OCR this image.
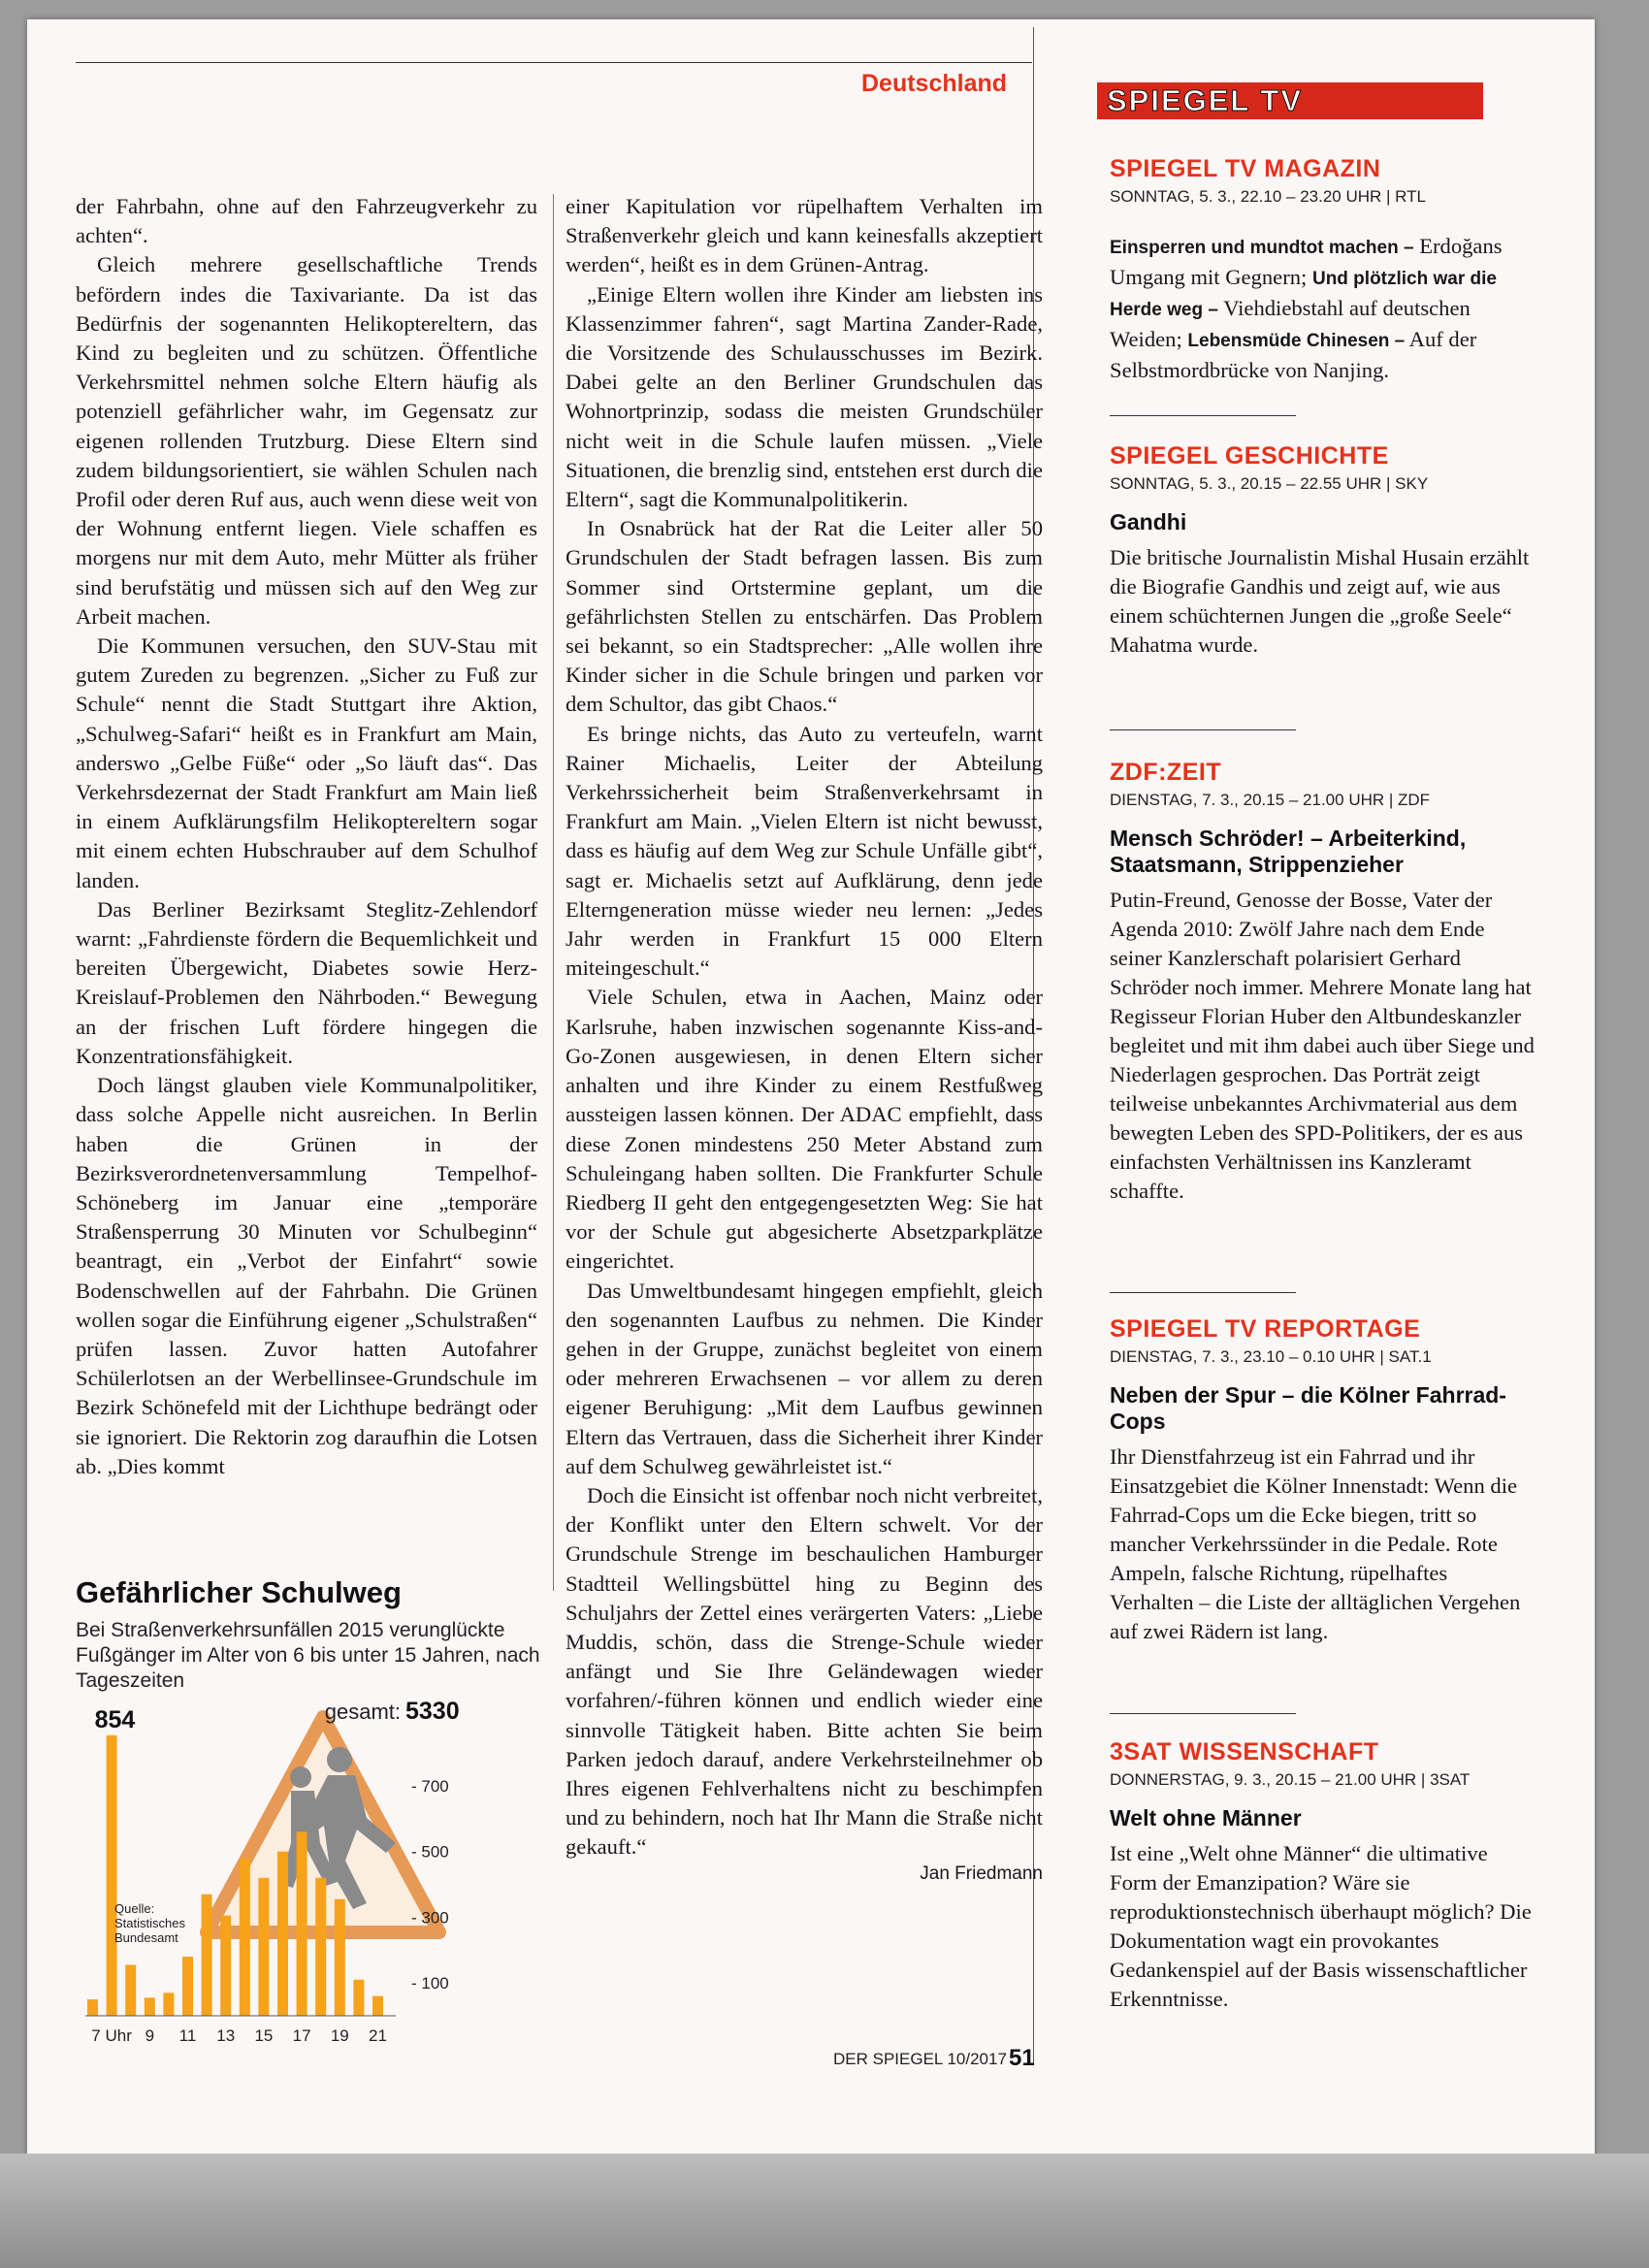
Deutschland

der Fahrbahn, ohne auf den Fahrzeugverkehr zu achten“.

Gleich mehrere gesellschaftliche Trends befördern indes die Taxivariante. Da ist das Bedürfnis der sogenannten Helikoptereltern, das Kind zu begleiten und zu schützen. Öffentliche Verkehrsmittel nehmen solche Eltern häufig als potenziell gefährlicher wahr, im Gegensatz zur eigenen rollenden Trutzburg. Diese Eltern sind zudem bildungsorientiert, sie wählen Schulen nach Profil oder deren Ruf aus, auch wenn diese weit von der Wohnung entfernt liegen. Viele schaffen es morgens nur mit dem Auto, mehr Mütter als früher sind berufstätig und müssen sich auf den Weg zur Arbeit machen.

Die Kommunen versuchen, den SUV-Stau mit gutem Zureden zu begrenzen. „Sicher zu Fuß zur Schule“ nennt die Stadt Stuttgart ihre Aktion, „Schulweg-Safari“ heißt es in Frankfurt am Main, anderswo „Gelbe Füße“ oder „So läuft das“. Das Verkehrsdezernat der Stadt Frankfurt am Main ließ in einem Aufklärungsfilm Helikoptereltern sogar mit einem echten Hubschrauber auf dem Schulhof landen.

Das Berliner Bezirksamt Steglitz-Zehlendorf warnt: „Fahrdienste fördern die Bequemlichkeit und bereiten Übergewicht, Diabetes sowie Herz-Kreislauf-Problemen den Nährboden.“ Bewegung an der frischen Luft fördere hingegen die Konzentrationsfähigkeit.

Doch längst glauben viele Kommunalpolitiker, dass solche Appelle nicht ausreichen. In Berlin haben die Grünen in der Bezirksverordnetenversammlung Tempelhof-Schöneberg im Januar eine „temporäre Straßensperrung 30 Minuten vor Schulbeginn“ beantragt, ein „Verbot der Einfahrt“ sowie Bodenschwellen auf der Fahrbahn. Die Grünen wollen sogar die Einführung eigener „Schulstraßen“ prüfen lassen. Zuvor hatten Autofahrer Schülerlotsen an der Werbellinsee-Grundschule im Bezirk Schönefeld mit der Lichthupe bedrängt oder sie ignoriert. Die Rektorin zog daraufhin die Lotsen ab. „Dies kommt

einer Kapitulation vor rüpelhaftem Verhalten im Straßenverkehr gleich und kann keinesfalls akzeptiert werden“, heißt es in dem Grünen-Antrag.

„Einige Eltern wollen ihre Kinder am liebsten ins Klassenzimmer fahren“, sagt Martina Zander-Rade, die Vorsitzende des Schulausschusses im Bezirk. Dabei gelte an den Berliner Grundschulen das Wohnortprinzip, sodass die meisten Grundschüler nicht weit in die Schule laufen müssen. „Viele Situationen, die brenzlig sind, entstehen erst durch die Eltern“, sagt die Kommunalpolitikerin.

In Osnabrück hat der Rat die Leiter aller 50 Grundschulen der Stadt befragen lassen. Bis zum Sommer sind Ortstermine geplant, um die gefährlichsten Stellen zu entschärfen. Das Problem sei bekannt, so ein Stadtsprecher: „Alle wollen ihre Kinder sicher in die Schule bringen und parken vor dem Schultor, das gibt Chaos.“

Es bringe nichts, das Auto zu verteufeln, warnt Rainer Michaelis, Leiter der Abteilung Verkehrssicherheit beim Straßenverkehrsamt in Frankfurt am Main. „Vielen Eltern ist nicht bewusst, dass es häufig auf dem Weg zur Schule Unfälle gibt“, sagt er. Michaelis setzt auf Aufklärung, denn jede Elterngeneration müsse wieder neu lernen: „Jedes Jahr werden in Frankfurt 15 000 Eltern miteingeschult.“

Viele Schulen, etwa in Aachen, Mainz oder Karlsruhe, haben inzwischen sogenannte Kiss-and-Go-Zonen ausgewiesen, in denen Eltern sicher anhalten und ihre Kinder zu einem Restfußweg aussteigen lassen können. Der ADAC empfiehlt, dass diese Zonen mindestens 250 Meter Abstand zum Schuleingang haben sollten. Die Frankfurter Schule Riedberg II geht den entgegengesetzten Weg: Sie hat vor der Schule gut abgesicherte Absetzparkplätze eingerichtet.

Das Umweltbundesamt hingegen empfiehlt, gleich den sogenannten Laufbus zu nehmen. Die Kinder gehen in der Gruppe, zunächst begleitet von einem oder mehreren Erwachsenen – vor allem zu deren eigener Beruhigung: „Mit dem Laufbus gewinnen Eltern das Vertrauen, dass die Sicherheit ihrer Kinder auf dem Schulweg gewährleistet ist.“

Doch die Einsicht ist offenbar noch nicht verbreitet, der Konflikt unter den Eltern schwelt. Vor der Grundschule Strenge im beschaulichen Hamburger Stadtteil Wellingsbüttel hing zu Beginn des Schuljahrs der Zettel eines verärgerten Vaters: „Liebe Muddis, schön, dass die Strenge-Schule wieder anfängt und Sie Ihre Geländewagen wieder vorfahren/-führen können und endlich wieder eine sinnvolle Tätigkeit haben. Bitte achten Sie beim Parken jedoch darauf, andere Verkehrsteilnehmer ob Ihres eigenen Fehlverhaltens nicht zu beschimpfen und zu behindern, noch hat Ihr Mann die Straße nicht gekauft.“

Jan Friedmann

Gefährlicher Schulweg
Bei Straßenverkehrsunfällen 2015 verunglückte Fußgänger im Alter von 6 bis unter 15 Jahren, nach Tageszeiten
854	gesamt: 5330
- 700
- 500
- 300
- 100
7 Uhr 9 11 13 15 17 19 21
Quelle: Statistisches Bundesamt
DER SPIEGEL 10/2017 51
SPIEGEL TV

SPIEGEL TV MAGAZIN

SONNTAG, 5. 3., 22.10 – 23.20 UHR | RTL

Einsperren und mundtot machen – Erdoğans Umgang mit Gegnern; Und plötzlich war die Herde weg – Viehdiebstahl auf deutschen Weiden; Lebensmüde Chinesen – Auf der Selbstmordbrücke von Nanjing.

SPIEGEL GESCHICHTE

SONNTAG, 5. 3., 20.15 – 22.55 UHR | SKY

Gandhi

Die britische Journalistin Mishal Husain erzählt die Biografie Gandhis und zeigt auf, wie aus einem schüchternen Jungen die „große Seele“ Mahatma wurde.

ZDF:ZEIT

DIENSTAG, 7. 3., 20.15 – 21.00 UHR | ZDF

Mensch Schröder! – Arbeiterkind, Staatsmann, Strippenzieher

Putin-Freund, Genosse der Bosse, Vater der Agenda 2010: Zwölf Jahre nach dem Ende seiner Kanzlerschaft polarisiert Gerhard Schröder noch immer. Mehrere Monate lang hat Regisseur Florian Huber den Altbundeskanzler begleitet und mit ihm dabei auch über Siege und Niederlagen gesprochen. Das Porträt zeigt teilweise unbekanntes Archivmaterial aus dem bewegten Leben des SPD-Politikers, der es aus einfachsten Verhältnissen ins Kanzleramt schaffte.

SPIEGEL TV REPORTAGE

DIENSTAG, 7. 3., 23.10 – 0.10 UHR | SAT.1

Neben der Spur – die Kölner Fahrrad-Cops

Ihr Dienstfahrzeug ist ein Fahrrad und ihr Einsatzgebiet die Kölner Innenstadt: Wenn die Fahrrad-Cops um die Ecke biegen, tritt so mancher Verkehrssünder in die Pedale. Rote Ampeln, falsche Richtung, rüpelhaftes Verhalten – die Liste der alltäglichen Vergehen auf zwei Rädern ist lang.

3SAT WISSENSCHAFT

DONNERSTAG, 9. 3., 20.15 – 21.00 UHR | 3SAT

Welt ohne Männer

Ist eine „Welt ohne Männer“ die ultimative Form der Emanzipation? Wäre sie reproduktionstechnisch überhaupt möglich? Die Dokumentation wagt ein provokantes Gedankenspiel auf der Basis wissenschaftlicher Erkenntnisse.
